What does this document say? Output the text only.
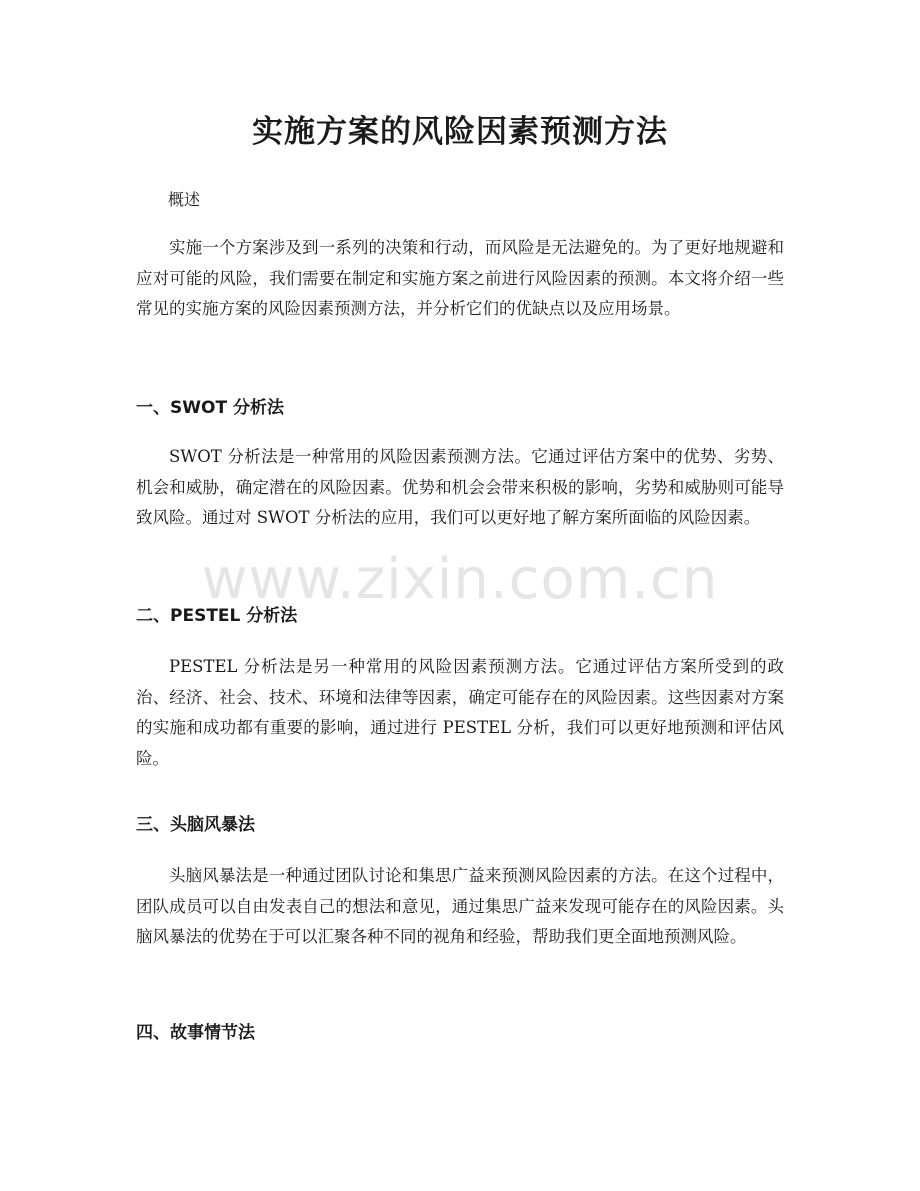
实施方案的风险因素预测方法

概述

实施一个方案涉及到一系列的决策和行动，而风险是无法避免的。为了更好地规避和应对可能的风险，我们需要在制定和实施方案之前进行风险因素的预测。本文将介绍一些常见的实施方案的风险因素预测方法，并分析它们的优缺点以及应用场景。

一、SWOT 分析法

SWOT 分析法是一种常用的风险因素预测方法。它通过评估方案中的优势、劣势、机会和威胁，确定潜在的风险因素。优势和机会会带来积极的影响，劣势和威胁则可能导致风险。通过对 SWOT 分析法的应用，我们可以更好地了解方案所面临的风险因素。

二、PESTEL 分析法

PESTEL 分析法是另一种常用的风险因素预测方法。它通过评估方案所受到的政治、经济、社会、技术、环境和法律等因素，确定可能存在的风险因素。这些因素对方案的实施和成功都有重要的影响，通过进行 PESTEL 分析，我们可以更好地预测和评估风险。

三、头脑风暴法

头脑风暴法是一种通过团队讨论和集思广益来预测风险因素的方法。在这个过程中，团队成员可以自由发表自己的想法和意见，通过集思广益来发现可能存在的风险因素。头脑风暴法的优势在于可以汇聚各种不同的视角和经验，帮助我们更全面地预测风险。

四、故事情节法
www.zixin.com.cn
